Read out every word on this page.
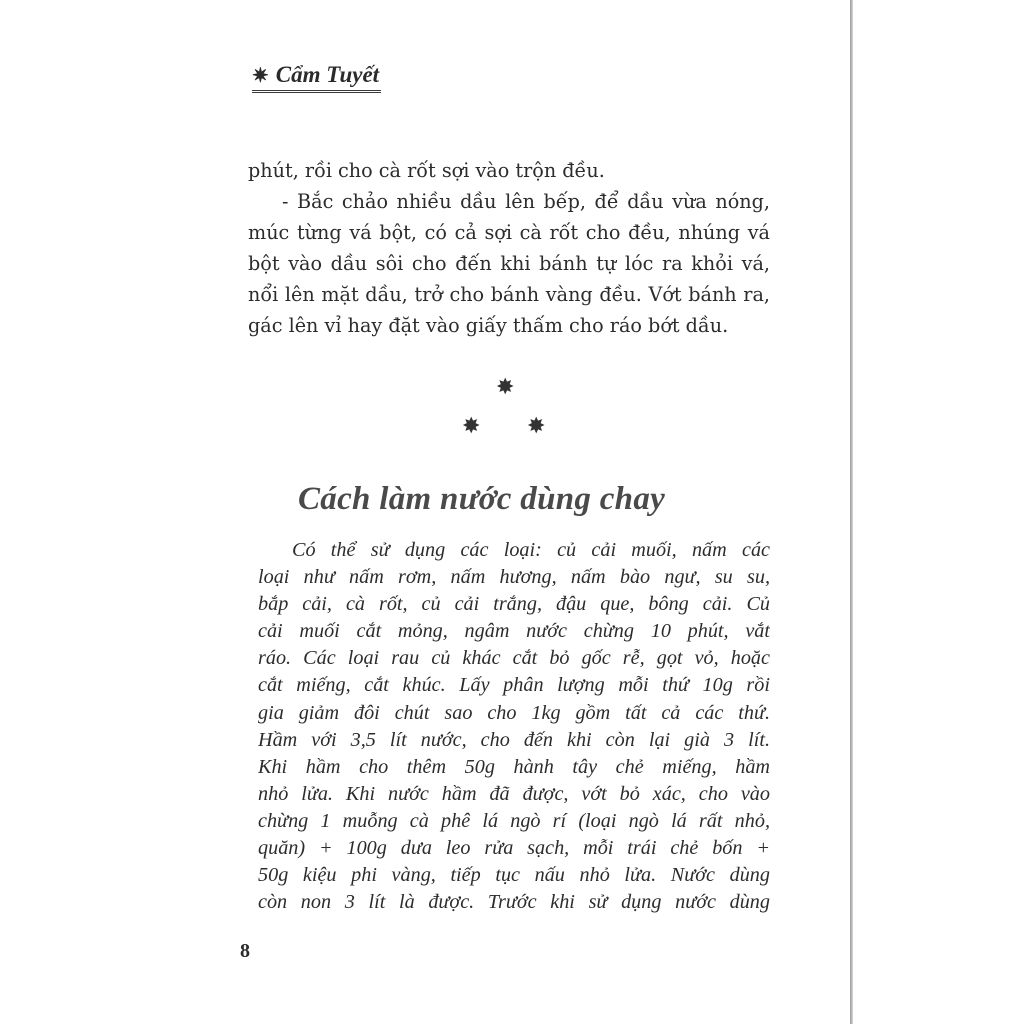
✷ Cẩm Tuyết
phút, rồi cho cà rốt sợi vào trộn đều.
- Bắc chảo nhiều dầu lên bếp, để dầu vừa nóng,
múc từng vá bột, có cả sợi cà rốt cho đều, nhúng vá
bột vào dầu sôi cho đến khi bánh tự lóc ra khỏi vá,
nổi lên mặt dầu, trở cho bánh vàng đều. Vớt bánh ra,
gác lên vỉ hay đặt vào giấy thấm cho ráo bớt dầu.
✸
✸ ✸
Cách làm nước dùng chay
Có thể sử dụng các loại: củ cải muối, nấm các
loại như nấm rơm, nấm hương, nấm bào ngư, su su,
bắp cải, cà rốt, củ cải trắng, đậu que, bông cải. Củ
cải muối cắt mỏng, ngâm nước chừng 10 phút, vắt
ráo. Các loại rau củ khác cắt bỏ gốc rễ, gọt vỏ, hoặc
cắt miếng, cắt khúc. Lấy phân lượng mỗi thứ 10g rồi
gia giảm đôi chút sao cho 1kg gồm tất cả các thứ.
Hầm với 3,5 lít nước, cho đến khi còn lại già 3 lít.
Khi hầm cho thêm 50g hành tây chẻ miếng, hầm
nhỏ lửa. Khi nước hầm đã được, vớt bỏ xác, cho vào
chừng 1 muỗng cà phê lá ngò rí (loại ngò lá rất nhỏ,
quăn) + 100g dưa leo rửa sạch, mỗi trái chẻ bốn +
50g kiệu phi vàng, tiếp tục nấu nhỏ lửa. Nước dùng
còn non 3 lít là được. Trước khi sử dụng nước dùng
8
